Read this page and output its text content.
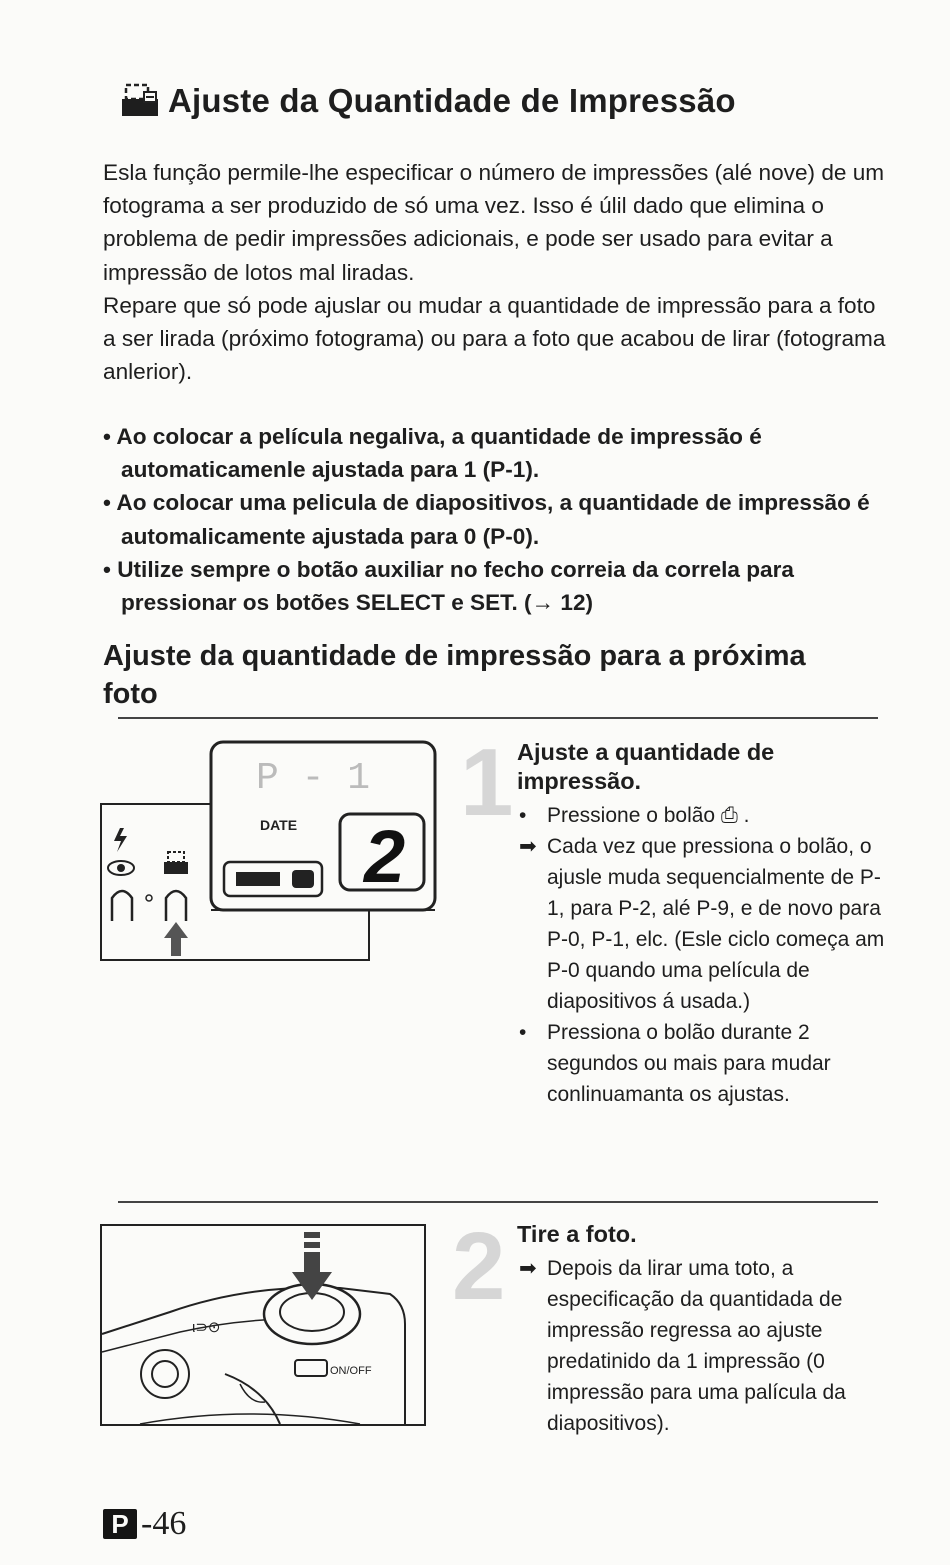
Ajuste da Quantidade de Impressão

Esla função permile-lhe especificar o número de impressões (alé nove) de um fotograma a ser produzido de só uma vez. Isso é úlil dado que elimina o problema de pedir impressões adicionais, e pode ser usado para evitar a impressão de lotos mal liradas.

Repare que só pode ajuslar ou mudar a quantidade de impressão para a foto a ser lirada (próximo fotograma) ou para a foto que acabou de lirar (fotograma anlerior).

• Ao colocar a película negaliva, a quantidade de impressão é automaticamenle ajustada para 1 (P-1).
• Ao colocar uma pelicula de diapositivos, a quantidade de impressão é automalicamente ajustada para 0 (P-0).
• Utilize sempre o botão auxiliar no fecho correia da correla para pressionar os botões SELECT e SET. (→ 12)
Ajuste da quantidade de impressão para a próxima foto
P - 1
DATE 2
1 Ajuste a quantidade de impressão.
• Pressione o bolão ⎙ .
➡ Cada vez que pressiona o bolão, o ajusle muda sequencialmente de P-1, para P-2, alé P-9, e de novo para P-0, P-1, elc. (Esle ciclo começa am P-0 quando uma película de diapositivos á usada.)
• Pressiona o bolão durante 2 segundos ou mais para mudar conlinuamanta os ajustas.
ι⊃⊙
ON/OFF
2 Tire a foto.
➡ Depois da lirar uma toto, a especificação da quantidada de impressão regressa ao ajuste predatinido da 1 impressão (0 impressão para uma palícula da diapositivos).
P -46
